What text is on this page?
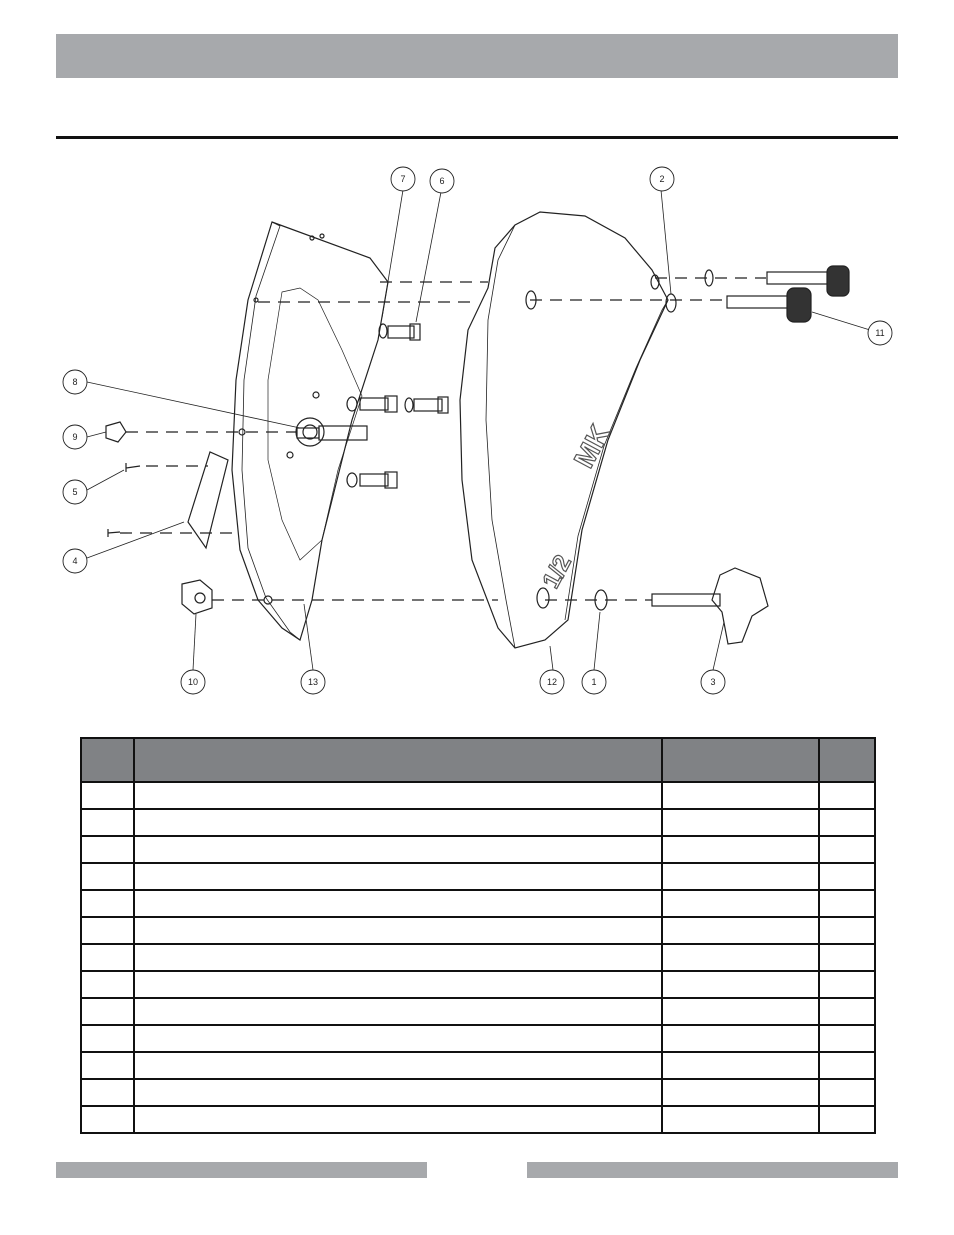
MK
1/2
1
2
3
4
5
6
7
8
9
10
11
12
13
